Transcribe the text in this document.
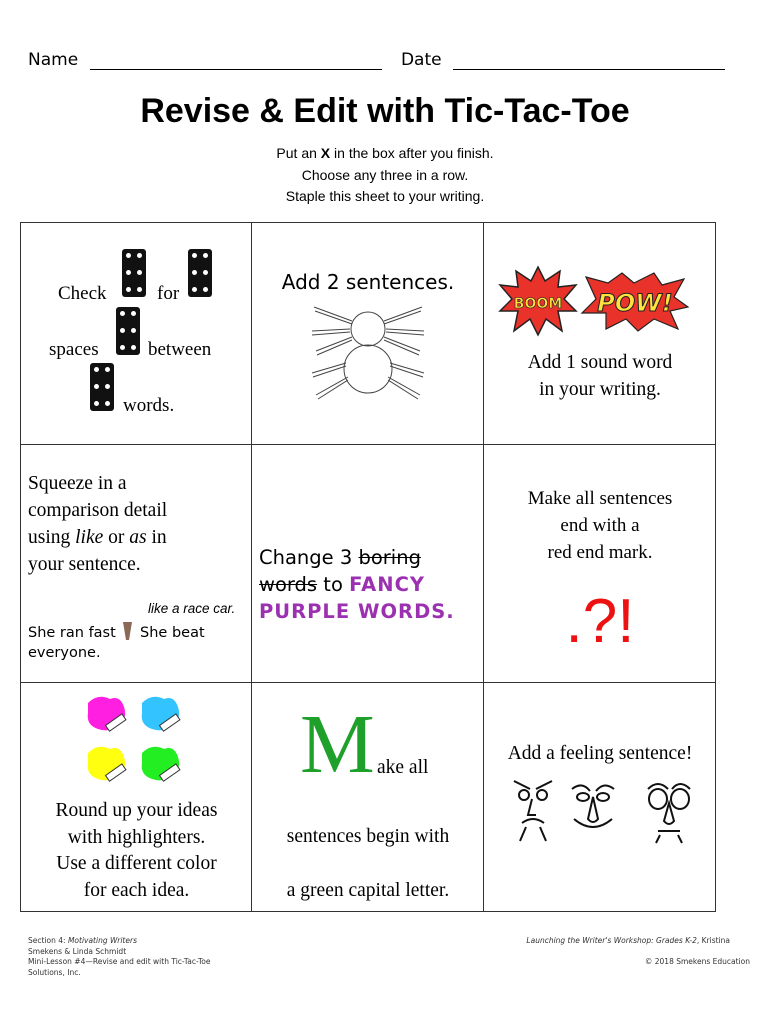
Name	Date
Revise & Edit with Tic-Tac-Toe
Put an X in the box after you finish.
Choose any three in a row.
Staple this sheet to your writing.
Check	for
spaces	between
words.
Add 2 sentences.
BOOM POW!
Add 1 sound word
in your writing.
Squeeze in a
comparison detail
using like or as in
your sentence.
like a race car.
She ran fast She beat
everyone.
Change 3 boring
words to FANCY
PURPLE WORDS.
Make all sentences
end with a
red end mark.
.?!
Round up your ideas
with highlighters.
Use a different color
for each idea.
M ake all
sentences begin with
a green capital letter.
Add a feeling sentence!
Section 4: Motivating Writers
Smekens & Linda Schmidt
Mini-Lesson #4—Revise and edit with Tic-Tac-Toe
Solutions, Inc.
Launching the Writer's Workshop: Grades K-2, Kristina
© 2018 Smekens Education
